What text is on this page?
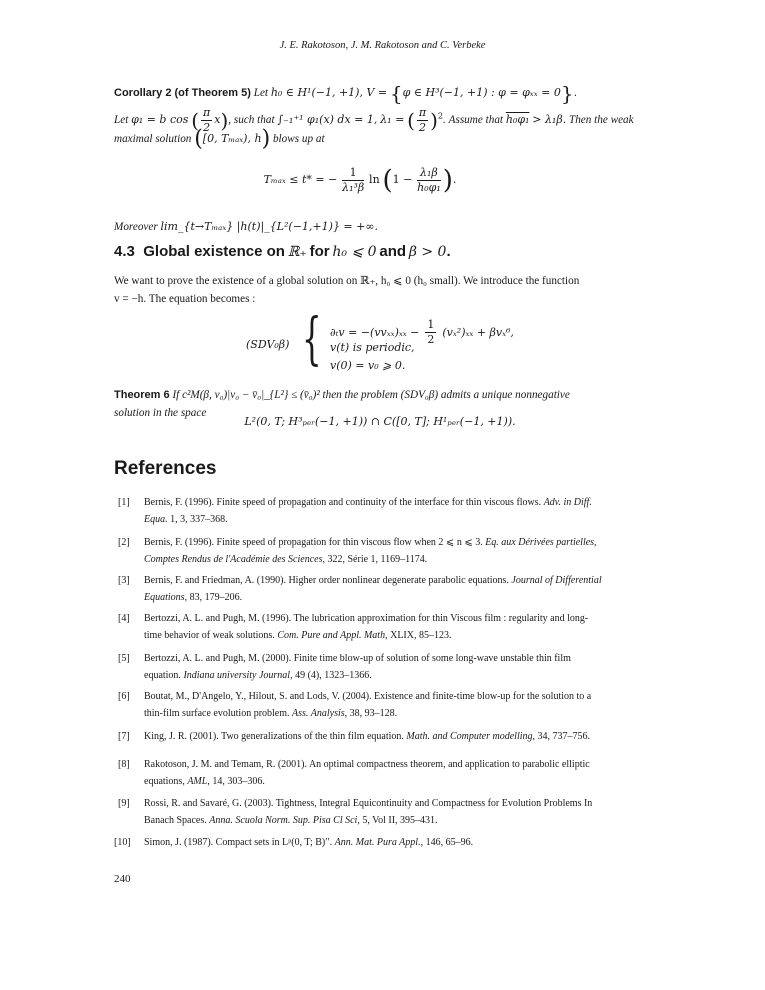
J. E. Rakotoson, J. M. Rakotoson and C. Verbeke
Corollary 2 (of Theorem 5) Let h₀ ∈ H¹(−1, +1), V = {φ ∈ H³(−1, +1) : φ = φₓₓ = 0}.
Let φ₁ = b cos ( $\frac{\pi}{2} x$), such that ∫₋₁⁺¹ φ₁(x) dx = 1, λ₁ = ( $\frac{\pi}{2} )^2$. Assume that h₀φ₁ > λ₁β. Then the weak
maximal solution ([0, Tₘₐₓ), h) blows up at
Tₘₐₓ ≤ t* = − $\frac{1}{\text{λ₁³β}}$ $\ln (1 - \frac{\text{λ₁β}}{\text{h₀φ₁}}$ ).
Moreover lim_{t→Tₘₐₓ} |h(t)|_{L²(−1,+1)} = +∞.
4.3 Global existence on ℝ₊ for h₀ ⩽ 0 and β > 0.
We want to prove the existence of a global solution on ℝ₊, h₀ ⩽ 0 (h₀ small). We introduce the function
v = −h. The equation becomes :
(SDV₀β) { $\partial_tv = -(vv_{xx})_{xx} - \frac{1}{2} (v_x^2)_{xx} + \beta v_x^6$,
v(t) is periodic,
v(0) = v₀ ⩾ 0.
Theorem 6 If c²M(β, v₀)|v₀ − v̄₀|_{L²} ≤ (v̄₀)² then the problem (SDV₀β) admits a unique nonnegative
solution in the space
L²(0, T; H³ₚₑᵣ(−1, +1)) ∩ C([0, T]; H¹ₚₑᵣ(−1, +1)).
References
[1]	Bernis, F. (1996). Finite speed of propagation and continuity of the interface for thin viscous flows. Adv. in Diff.
Equa. 1, 3, 337–368.
[2]	Bernis, F. (1996). Finite speed of propagation for thin viscous flow when 2 ⩽ n ⩽ 3. Eq. aux Dérivées partielles,
Comptes Rendus de l'Académie des Sciences, 322, Série 1, 1169–1174.
[3]	Bernis, F. and Friedman, A. (1990). Higher order nonlinear degenerate parabolic equations. Journal of Differential
Equations, 83, 179–206.
[4]	Bertozzi, A. L. and Pugh, M. (1996). The lubrication approximation for thin Viscous film : regularity and long-
time behavior of weak solutions. Com. Pure and Appl. Math, XLIX, 85–123.
[5]	Bertozzi, A. L. and Pugh, M. (2000). Finite time blow-up of solution of some long-wave unstable thin film
equation. Indiana university Journal, 49 (4), 1323–1366.
[6]	Boutat, M., D'Angelo, Y., Hilout, S. and Lods, V. (2004). Existence and finite-time blow-up for the solution to a
thin-film surface evolution problem. Ass. Analysis, 38, 93–128.
[7]	King, J. R. (2001). Two generalizations of the thin film equation. Math. and Computer modelling, 34, 737–756.
[8]	Rakotoson, J. M. and Temam, R. (2001). An optimal compactness theorem, and application to parabolic elliptic
equations, AML, 14, 303–306.
[9]	Rossi, R. and Savaré, G. (2003). Tightness, Integral Equicontinuity and Compactness for Evolution Problems In
Banach Spaces. Anna. Scuola Norm. Sup. Pisa Cl Sci, 5, Vol II, 395–431.
[10]	Simon, J. (1987). Compact sets in Lᵖ(0, T; B)′′. Ann. Mat. Pura Appl., 146, 65–96.
240
